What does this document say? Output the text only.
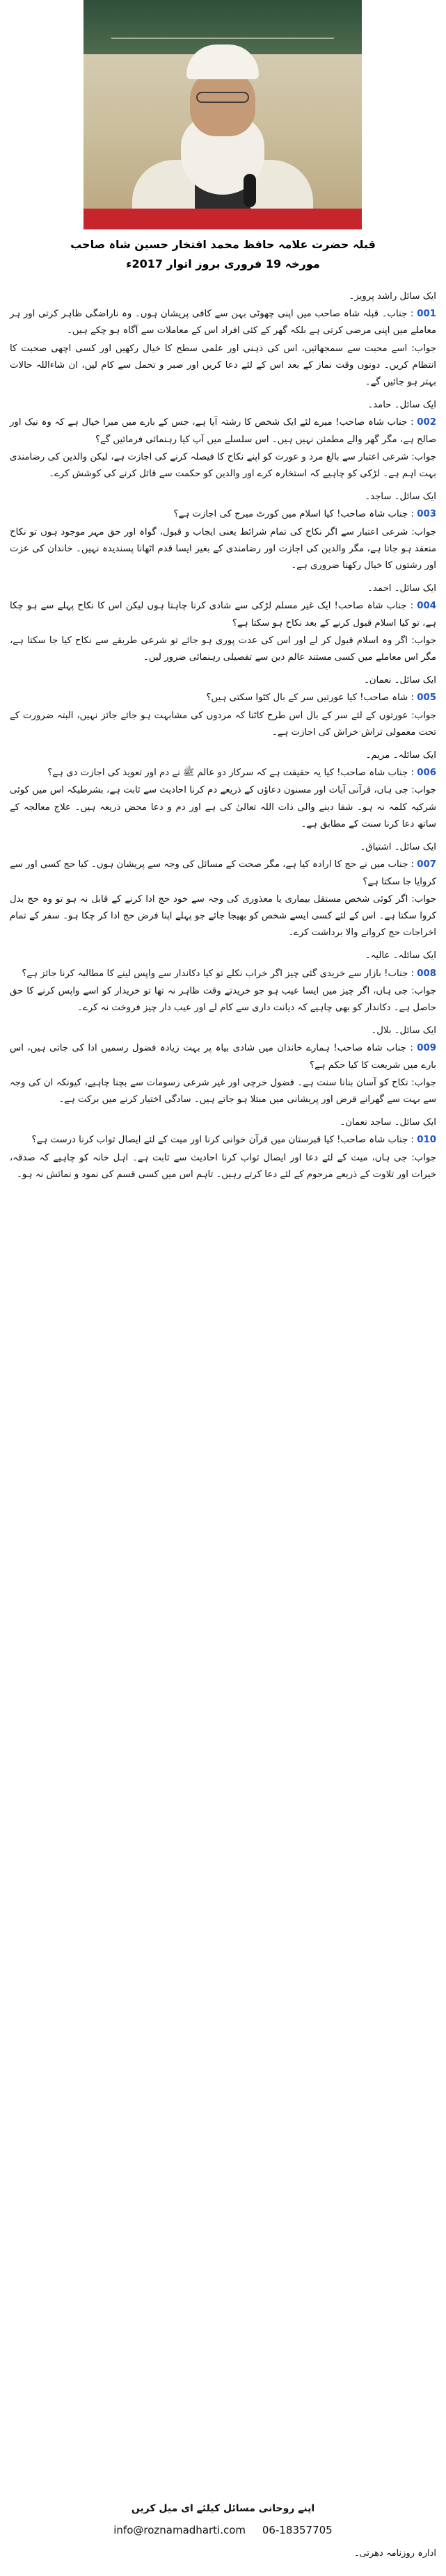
قبلہ حضرت علامہ حافظ محمد افتخار حسین شاہ صاحب
مورخہ 19 فروری بروز اتوار 2017ء

ایک سائل راشد پرویز۔

001 : جناب۔ قبلہ شاہ صاحب میں اپنی چھوٹی بہن سے کافی پریشان ہوں۔ وہ ناراضگی ظاہر کرتی اور ہر معاملے میں اپنی مرضی کرتی ہے بلکہ گھر کے کئی افراد اس کے معاملات سے آگاہ ہو چکے ہیں۔

جواب: اسے محبت سے سمجھائیں، اس کی ذہنی اور علمی سطح کا خیال رکھیں اور کسی اچھی صحبت کا انتظام کریں۔ دونوں وقت نماز کے بعد اس کے لئے دعا کریں اور صبر و تحمل سے کام لیں، ان شاءاللہ حالات بہتر ہو جائیں گے۔

ایک سائل۔ حامد۔

002 : جناب شاہ صاحب! میرے لئے ایک شخص کا رشتہ آیا ہے، جس کے بارے میں میرا خیال ہے کہ وہ نیک اور صالح ہے، مگر گھر والے مطمئن نہیں ہیں۔ اس سلسلے میں آپ کیا رہنمائی فرمائیں گے؟

جواب: شرعی اعتبار سے بالغ مرد و عورت کو اپنے نکاح کا فیصلہ کرنے کی اجازت ہے، لیکن والدین کی رضامندی بہت اہم ہے۔ لڑکی کو چاہیے کہ استخارہ کرے اور والدین کو حکمت سے قائل کرنے کی کوشش کرے۔

ایک سائل۔ ساجد۔

003 : جناب شاہ صاحب! کیا اسلام میں کورٹ میرج کی اجازت ہے؟

جواب: شرعی اعتبار سے اگر نکاح کی تمام شرائط یعنی ایجاب و قبول، گواہ اور حق مہر موجود ہوں تو نکاح منعقد ہو جاتا ہے، مگر والدین کی اجازت اور رضامندی کے بغیر ایسا قدم اٹھانا پسندیدہ نہیں۔ خاندان کی عزت اور رشتوں کا خیال رکھنا ضروری ہے۔

ایک سائل۔ احمد۔

004 : جناب شاہ صاحب! ایک غیر مسلم لڑکی سے شادی کرنا چاہتا ہوں لیکن اس کا نکاح پہلے سے ہو چکا ہے، تو کیا اسلام قبول کرنے کے بعد نکاح ہو سکتا ہے؟

جواب: اگر وہ اسلام قبول کر لے اور اس کی عدت پوری ہو جائے تو شرعی طریقے سے نکاح کیا جا سکتا ہے، مگر اس معاملے میں کسی مستند عالم دین سے تفصیلی رہنمائی ضرور لیں۔

ایک سائل۔ نعمان۔

005 : شاہ صاحب! کیا عورتیں سر کے بال کٹوا سکتی ہیں؟

جواب: عورتوں کے لئے سر کے بال اس طرح کاٹنا کہ مردوں کی مشابہت ہو جائے جائز نہیں، البتہ ضرورت کے تحت معمولی تراش خراش کی اجازت ہے۔

ایک سائلہ۔ مریم۔

006 : جناب شاہ صاحب! کیا یہ حقیقت ہے کہ سرکار دو عالم ﷺ نے دم اور تعویذ کی اجازت دی ہے؟

جواب: جی ہاں، قرآنی آیات اور مسنون دعاؤں کے ذریعے دم کرنا احادیث سے ثابت ہے، بشرطیکہ اس میں کوئی شرکیہ کلمہ نہ ہو۔ شفا دینے والی ذات اللہ تعالیٰ کی ہے اور دم و دعا محض ذریعہ ہیں۔ علاج معالجہ کے ساتھ دعا کرنا سنت کے مطابق ہے۔

ایک سائل۔ اشتیاق۔

007 : جناب میں نے حج کا ارادہ کیا ہے، مگر صحت کے مسائل کی وجہ سے پریشان ہوں۔ کیا حج کسی اور سے کروایا جا سکتا ہے؟

جواب: اگر کوئی شخص مستقل بیماری یا معذوری کی وجہ سے خود حج ادا کرنے کے قابل نہ ہو تو وہ حج بدل کروا سکتا ہے۔ اس کے لئے کسی ایسے شخص کو بھیجا جائے جو پہلے اپنا فرض حج ادا کر چکا ہو۔ سفر کے تمام اخراجات حج کروانے والا برداشت کرے۔

ایک سائلہ۔ عالیہ۔

008 : جناب! بازار سے خریدی گئی چیز اگر خراب نکلے تو کیا دکاندار سے واپس لینے کا مطالبہ کرنا جائز ہے؟

جواب: جی ہاں، اگر چیز میں ایسا عیب ہو جو خریدتے وقت ظاہر نہ تھا تو خریدار کو اسے واپس کرنے کا حق حاصل ہے۔ دکاندار کو بھی چاہیے کہ دیانت داری سے کام لے اور عیب دار چیز فروخت نہ کرے۔

ایک سائل۔ بلال۔

009 : جناب شاہ صاحب! ہمارے خاندان میں شادی بیاہ پر بہت زیادہ فضول رسمیں ادا کی جاتی ہیں، اس بارے میں شریعت کا کیا حکم ہے؟

جواب: نکاح کو آسان بنانا سنت ہے۔ فضول خرچی اور غیر شرعی رسومات سے بچنا چاہیے، کیونکہ ان کی وجہ سے بہت سے گھرانے قرض اور پریشانی میں مبتلا ہو جاتے ہیں۔ سادگی اختیار کرنے میں برکت ہے۔

ایک سائل۔ ساجد نعمان۔

010 : جناب شاہ صاحب! کیا قبرستان میں قرآن خوانی کرنا اور میت کے لئے ایصال ثواب کرنا درست ہے؟

جواب: جی ہاں، میت کے لئے دعا اور ایصال ثواب کرنا احادیث سے ثابت ہے۔ اہل خانہ کو چاہیے کہ صدقہ، خیرات اور تلاوت کے ذریعے مرحوم کے لئے دعا کرتے رہیں۔ تاہم اس میں کسی قسم کی نمود و نمائش نہ ہو۔

اپنے روحانی مسائل کیلئے ای میل کریں
info@roznamadharti.com 06-18357705
ادارہ روزنامہ دھرتی۔
